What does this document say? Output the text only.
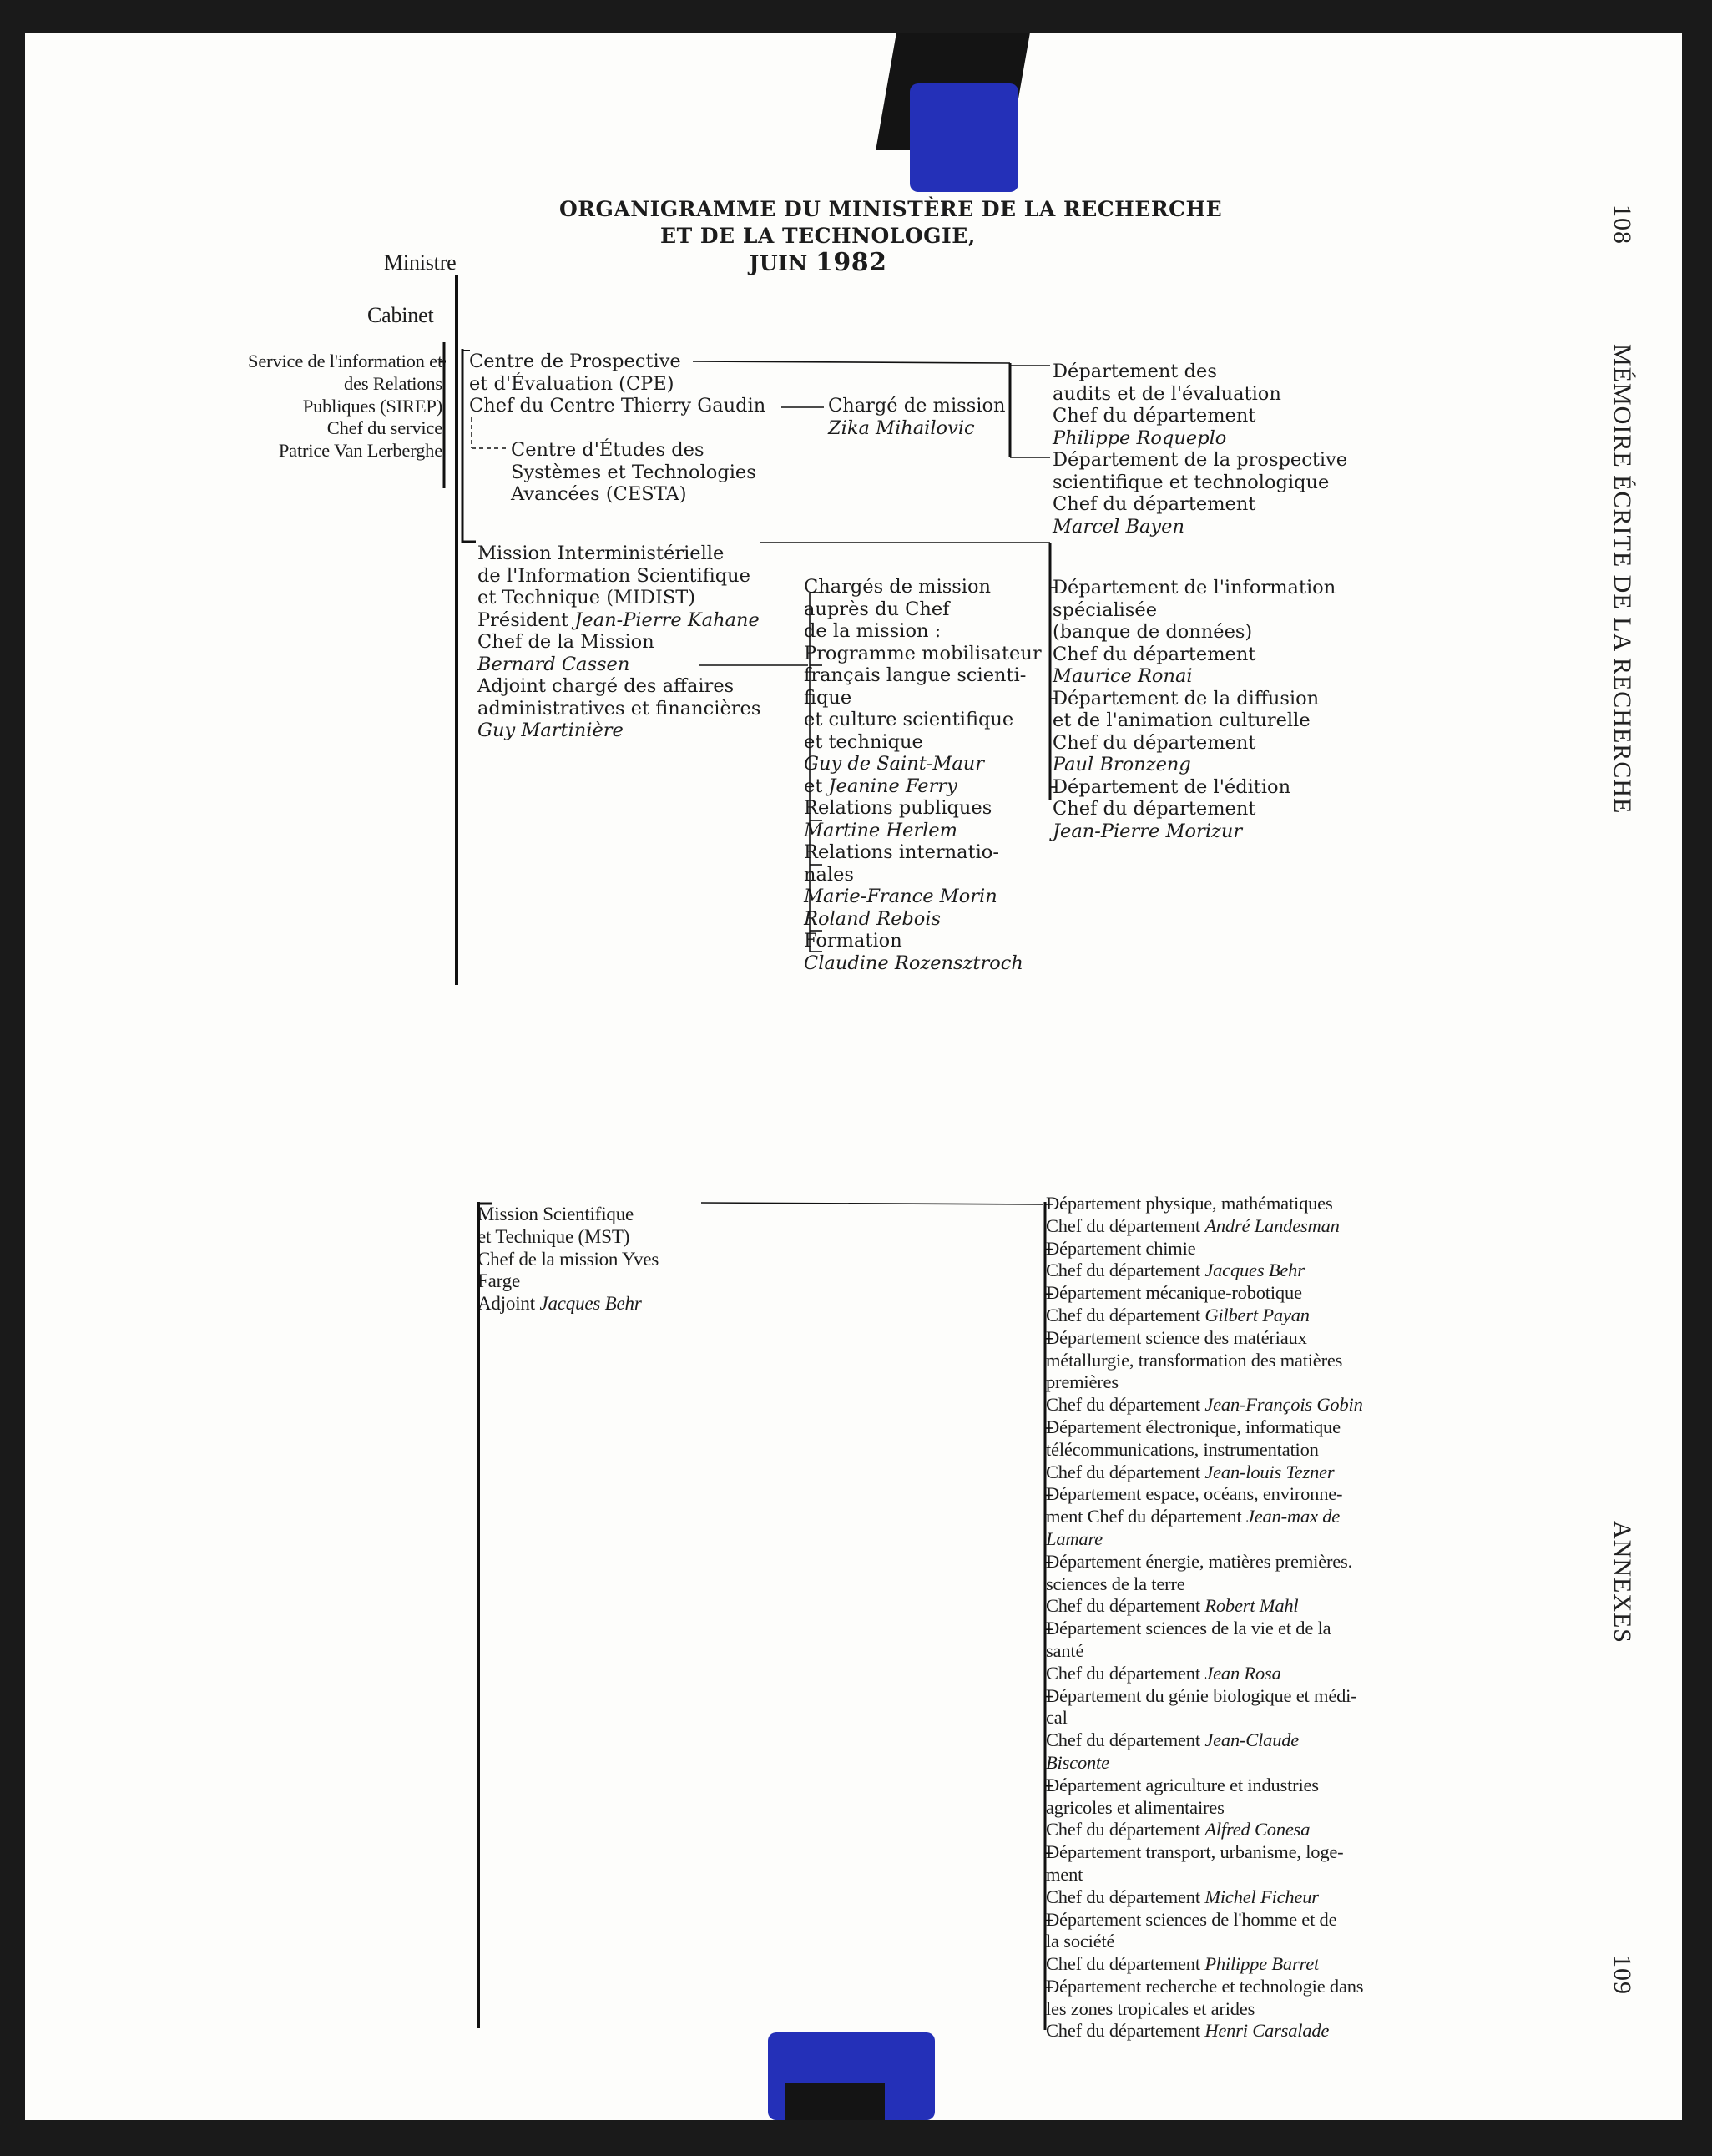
108
MÉMOIRE ÉCRITE DE LA RECHERCHE
ANNEXES
109
ORGANIGRAMME DU MINISTÈRE DE LA RECHERCHE
ET DE LA TECHNOLOGIE,
JUIN 1982
Ministre
Cabinet
Service de l'information et
des Relations
Publiques (SIREP)
Chef du service
Patrice Van Lerberghe
Centre de Prospective
et d'Évaluation (CPE)
Chef du Centre Thierry Gaudin	Chargé de mission
Zika Mihailovic
Centre d'Études des
Systèmes et Technologies
Avancées (CESTA)
Département des
audits et de l'évaluation
Chef du département
Philippe Roqueplo
Département de la prospective
scientifique et technologique
Chef du département
Marcel Bayen
Mission Interministérielle
de l'Information Scientifique
et Technique (MIDIST)
Président Jean-Pierre Kahane
Chef de la Mission
Bernard Cassen
Adjoint chargé des affaires
administratives et financières
Guy Martinière
Chargés de mission
auprès du Chef
de la mission :
Programme mobilisateur
français langue scienti-
fique
et culture scientifique
et technique
Guy de Saint-Maur
et Jeanine Ferry
Relations publiques
Martine Herlem
Relations internatio-
nales
Marie-France Morin
Roland Rebois
Formation
Claudine Rozensztroch
Département de l'information
spécialisée
(banque de données)
Chef du département
Maurice Ronai
Département de la diffusion
et de l'animation culturelle
Chef du département
Paul Bronzeng
Département de l'édition
Chef du département
Jean-Pierre Morizur
Mission Scientifique
et Technique (MST)
Chef de la mission Yves
Farge
Adjoint Jacques Behr
Département physique, mathématiques
Chef du département André Landesman
Département chimie
Chef du département Jacques Behr
Département mécanique-robotique
Chef du département Gilbert Payan
Département science des matériaux
métallurgie, transformation des matières
premières
Chef du département Jean-François Gobin
Département électronique, informatique
télécommunications, instrumentation
Chef du département Jean-louis Tezner
Département espace, océans, environne-
ment Chef du département Jean-max de
Lamare
Département énergie, matières premières.
sciences de la terre
Chef du département Robert Mahl
Département sciences de la vie et de la
santé
Chef du département Jean Rosa
Département du génie biologique et médi-
cal
Chef du département Jean-Claude
Bisconte
Département agriculture et industries
agricoles et alimentaires
Chef du département Alfred Conesa
Département transport, urbanisme, loge-
ment
Chef du département Michel Ficheur
Département sciences de l'homme et de
la société
Chef du département Philippe Barret
Département recherche et technologie dans
les zones tropicales et arides
Chef du département Henri Carsalade
